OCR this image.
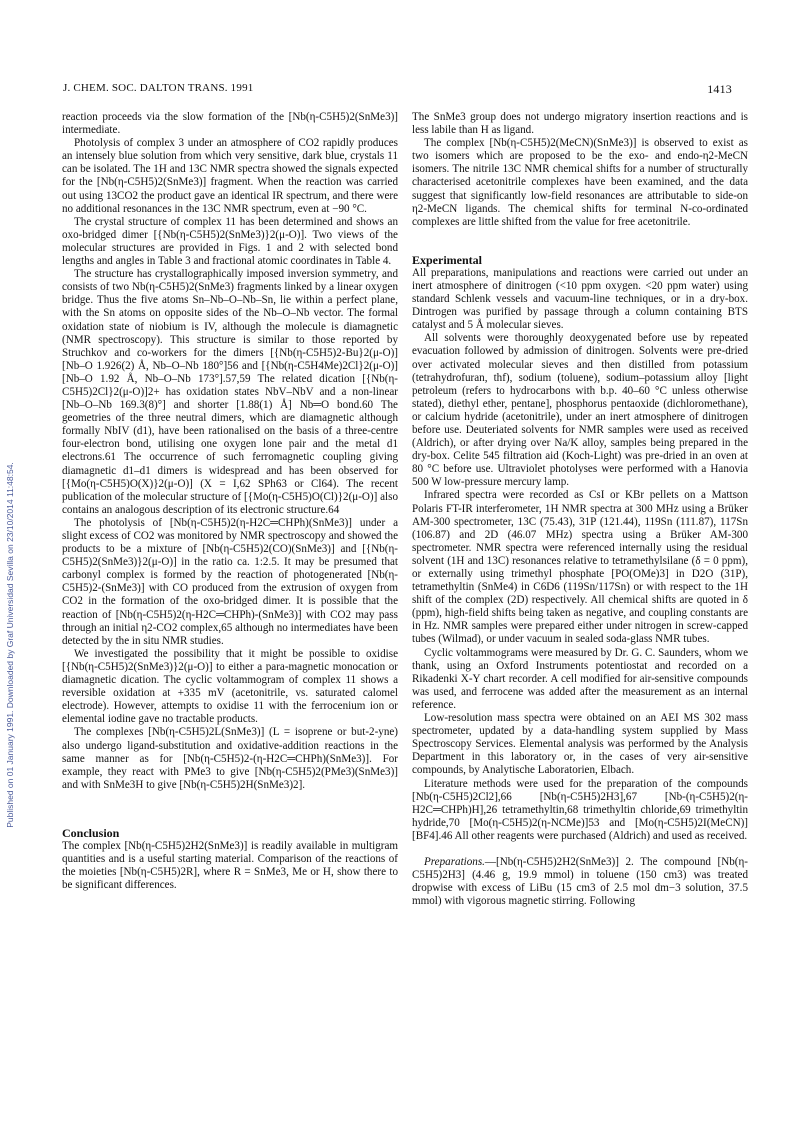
J. CHEM. SOC. DALTON TRANS. 1991	1413
Published on 01 January 1991. Downloaded by Graf Universidad Sevilla on 23/10/2014 11:48:54.

reaction proceeds via the slow formation of the [Nb(η-C5H5)2(SnMe3)] intermediate.

Photolysis of complex 3 under an atmosphere of CO2 rapidly produces an intensely blue solution from which very sensitive, dark blue, crystals 11 can be isolated. The 1H and 13C NMR spectra showed the signals expected for the [Nb(η-C5H5)2(SnMe3)] fragment. When the reaction was carried out using 13CO2 the product gave an identical IR spectrum, and there were no additional resonances in the 13C NMR spectrum, even at −90 °C.

The crystal structure of complex 11 has been determined and shows an oxo-bridged dimer [{Nb(η-C5H5)2(SnMe3)}2(μ-O)]. Two views of the molecular structures are provided in Figs. 1 and 2 with selected bond lengths and angles in Table 3 and fractional atomic coordinates in Table 4.

The structure has crystallographically imposed inversion symmetry, and consists of two Nb(η-C5H5)2(SnMe3) fragments linked by a linear oxygen bridge. Thus the five atoms Sn–Nb–O–Nb–Sn, lie within a perfect plane, with the Sn atoms on opposite sides of the Nb–O–Nb vector. The formal oxidation state of niobium is IV, although the molecule is diamagnetic (NMR spectroscopy). This structure is similar to those reported by Struchkov and co-workers for the dimers [{Nb(η-C5H5)2-Bu}2(μ-O)] [Nb–O 1.926(2) Å, Nb–O–Nb 180°]56 and [{Nb(η-C5H4Me)2Cl}2(μ-O)] [Nb–O 1.92 Å, Nb–O–Nb 173°].57,59 The related dication [{Nb(η-C5H5)2Cl}2(μ-O)]2+ has oxidation states NbV–NbV and a non-linear [Nb–O–Nb 169.3(8)°] and shorter [1.88(1) Å] Nb═O bond.60 The geometries of the three neutral dimers, which are diamagnetic although formally NbIV (d1), have been rationalised on the basis of a three-centre four-electron bond, utilising one oxygen lone pair and the metal d1 electrons.61 The occurrence of such ferromagnetic coupling giving diamagnetic d1–d1 dimers is widespread and has been observed for [{Mo(η-C5H5)O(X)}2(μ-O)] (X = I,62 SPh63 or Cl64). The recent publication of the molecular structure of [{Mo(η-C5H5)O(Cl)}2(μ-O)] also contains an analogous description of its electronic structure.64

The photolysis of [Nb(η-C5H5)2(η-H2C═CHPh)(SnMe3)] under a slight excess of CO2 was monitored by NMR spectroscopy and showed the products to be a mixture of [Nb(η-C5H5)2(CO)(SnMe3)] and [{Nb(η-C5H5)2(SnMe3)}2(μ-O)] in the ratio ca. 1:2.5. It may be presumed that carbonyl complex is formed by the reaction of photogenerated [Nb(η-C5H5)2-(SnMe3)] with CO produced from the extrusion of oxygen from CO2 in the formation of the oxo-bridged dimer. It is possible that the reaction of [Nb(η-C5H5)2(η-H2C═CHPh)-(SnMe3)] with CO2 may pass through an initial η2-CO2 complex,65 although no intermediates have been detected by the in situ NMR studies.

We investigated the possibility that it might be possible to oxidise [{Nb(η-C5H5)2(SnMe3)}2(μ-O)] to either a para-magnetic monocation or diamagnetic dication. The cyclic voltammogram of complex 11 shows a reversible oxidation at +335 mV (acetonitrile, vs. saturated calomel electrode). However, attempts to oxidise 11 with the ferrocenium ion or elemental iodine gave no tractable products.

The complexes [Nb(η-C5H5)2L(SnMe3)] (L = isoprene or but-2-yne) also undergo ligand-substitution and oxidative-addition reactions in the same manner as for [Nb(η-C5H5)2-(η-H2C═CHPh)(SnMe3)]. For example, they react with PMe3 to give [Nb(η-C5H5)2(PMe3)(SnMe3)] and with SnMe3H to give [Nb(η-C5H5)2H(SnMe3)2].

Conclusion

The complex [Nb(η-C5H5)2H2(SnMe3)] is readily available in multigram quantities and is a useful starting material. Comparison of the reactions of the moieties [Nb(η-C5H5)2R], where R = SnMe3, Me or H, show there to be significant differences.

The SnMe3 group does not undergo migratory insertion reactions and is less labile than H as ligand.

The complex [Nb(η-C5H5)2(MeCN)(SnMe3)] is observed to exist as two isomers which are proposed to be the exo- and endo-η2-MeCN isomers. The nitrile 13C NMR chemical shifts for a number of structurally characterised acetonitrile complexes have been examined, and the data suggest that significantly low-field resonances are attributable to side-on η2-MeCN ligands. The chemical shifts for terminal N-co-ordinated complexes are little shifted from the value for free acetonitrile.

Experimental

All preparations, manipulations and reactions were carried out under an inert atmosphere of dinitrogen (<10 ppm oxygen. <20 ppm water) using standard Schlenk vessels and vacuum-line techniques, or in a dry-box. Dintrogen was purified by passage through a column containing BTS catalyst and 5 Å molecular sieves.

All solvents were thoroughly deoxygenated before use by repeated evacuation followed by admission of dinitrogen. Solvents were pre-dried over activated molecular sieves and then distilled from potassium (tetrahydrofuran, thf), sodium (toluene), sodium–potassium alloy [light petroleum (refers to hydrocarbons with b.p. 40–60 °C unless otherwise stated), diethyl ether, pentane], phosphorus pentaoxide (dichloromethane), or calcium hydride (acetonitrile), under an inert atmosphere of dinitrogen before use. Deuteriated solvents for NMR samples were used as received (Aldrich), or after drying over Na/K alloy, samples being prepared in the dry-box. Celite 545 filtration aid (Koch-Light) was pre-dried in an oven at 80 °C before use. Ultraviolet photolyses were performed with a Hanovia 500 W low-pressure mercury lamp.

Infrared spectra were recorded as CsI or KBr pellets on a Mattson Polaris FT-IR interferometer, 1H NMR spectra at 300 MHz using a Brüker AM-300 spectrometer, 13C (75.43), 31P (121.44), 119Sn (111.87), 117Sn (106.87) and 2D (46.07 MHz) spectra using a Brüker AM-300 spectrometer. NMR spectra were referenced internally using the residual solvent (1H and 13C) resonances relative to tetramethylsilane (δ = 0 ppm), or externally using trimethyl phosphate [PO(OMe)3] in D2O (31P), tetramethyltin (SnMe4) in C6D6 (119Sn/117Sn) or with respect to the 1H shift of the complex (2D) respectively. All chemical shifts are quoted in δ (ppm), high-field shifts being taken as negative, and coupling constants are in Hz. NMR samples were prepared either under nitrogen in screw-capped tubes (Wilmad), or under vacuum in sealed soda-glass NMR tubes.

Cyclic voltammograms were measured by Dr. G. C. Saunders, whom we thank, using an Oxford Instruments potentiostat and recorded on a Rikadenki X-Y chart recorder. A cell modified for air-sensitive compounds was used, and ferrocene was added after the measurement as an internal reference.

Low-resolution mass spectra were obtained on an AEI MS 302 mass spectrometer, updated by a data-handling system supplied by Mass Spectroscopy Services. Elemental analysis was performed by the Analysis Department in this laboratory or, in the cases of very air-sensitive compounds, by Analytische Laboratorien, Elbach.

Literature methods were used for the preparation of the compounds [Nb(η-C5H5)2Cl2],66 [Nb(η-C5H5)2H3],67 [Nb-(η-C5H5)2(η-H2C═CHPh)H],26 tetramethyltin,68 trimethyltin chloride,69 trimethyltin hydride,70 [Mo(η-C5H5)2(η-NCMe)]53 and [Mo(η-C5H5)2I(MeCN)][BF4].46 All other reagents were purchased (Aldrich) and used as received.

Preparations.—[Nb(η-C5H5)2H2(SnMe3)] 2. The compound [Nb(η-C5H5)2H3] (4.46 g, 19.9 mmol) in toluene (150 cm3) was treated dropwise with excess of LiBu (15 cm3 of 2.5 mol dm−3 solution, 37.5 mmol) with vigorous magnetic stirring. Following
